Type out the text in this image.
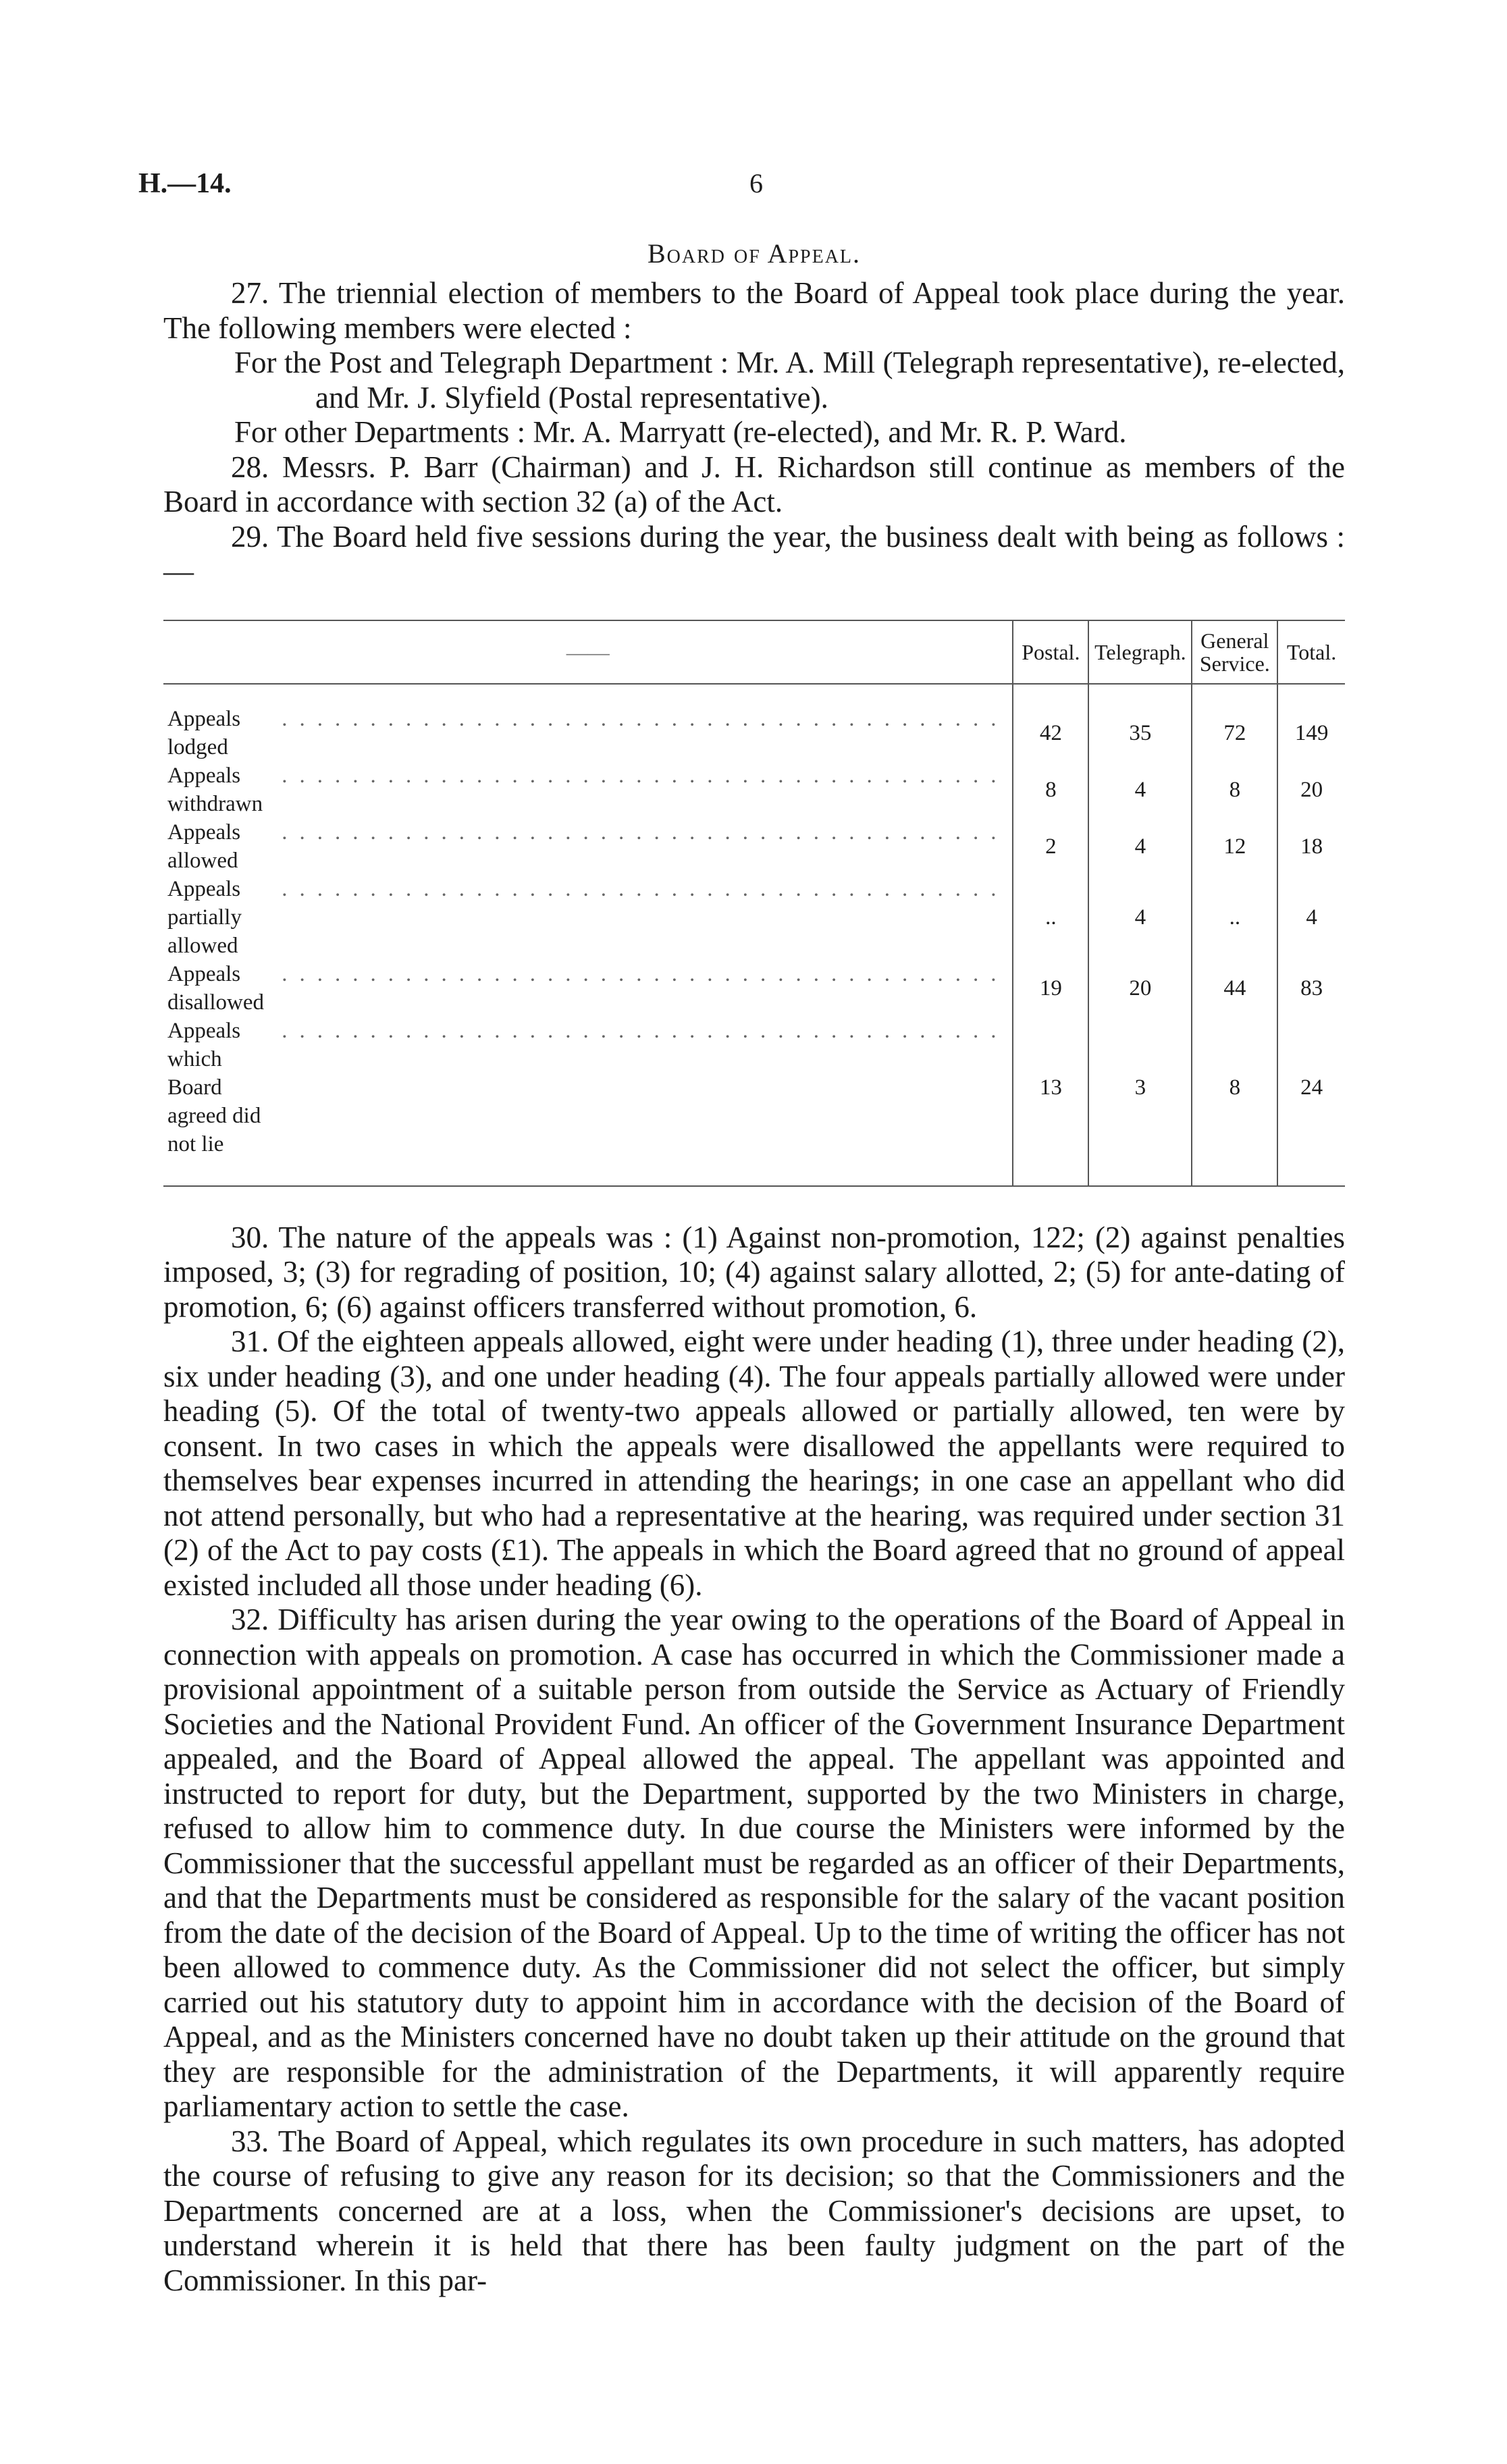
H.—14.	6
Board of Appeal.

27. The triennial election of members to the Board of Appeal took place during the year. The following members were elected :

For the Post and Telegraph Department : Mr. A. Mill (Telegraph representative), re-elected, and Mr. J. Slyfield (Postal representative).

For other Departments : Mr. A. Marryatt (re-elected), and Mr. R. P. Ward.

28. Messrs. P. Barr (Chairman) and J. H. Richardson still continue as members of the Board in accordance with section 32 (a) of the Act.

29. The Board held five sessions during the year, the business dealt with being as follows :—

——	Postal.	Telegraph.	General Service.	Total.

Appeals lodged
.........................................	42	35	72	149

Appeals withdrawn
.........................................	8	4	8	20

Appeals allowed
.........................................	2	4	12	18

Appeals partially allowed
.........................................	..	4	..	4

Appeals disallowed
.........................................	19	20	44	83

Appeals which Board agreed did not lie
.........................................	13	3	8	24

30. The nature of the appeals was : (1) Against non-promotion, 122; (2) against penalties imposed, 3; (3) for regrading of position, 10; (4) against salary allotted, 2; (5) for ante-dating of promotion, 6; (6) against officers transferred without promotion, 6.

31. Of the eighteen appeals allowed, eight were under heading (1), three under heading (2), six under heading (3), and one under heading (4). The four appeals partially allowed were under heading (5). Of the total of twenty-two appeals allowed or partially allowed, ten were by consent. In two cases in which the appeals were disallowed the appellants were required to themselves bear expenses incurred in attending the hearings; in one case an appellant who did not attend personally, but who had a representative at the hearing, was required under section 31 (2) of the Act to pay costs (£1). The appeals in which the Board agreed that no ground of appeal existed included all those under heading (6).

32. Difficulty has arisen during the year owing to the operations of the Board of Appeal in connection with appeals on promotion. A case has occurred in which the Commissioner made a provisional appointment of a suitable person from outside the Service as Actuary of Friendly Societies and the National Provident Fund. An officer of the Government Insurance Department appealed, and the Board of Appeal allowed the appeal. The appellant was appointed and instructed to report for duty, but the Department, supported by the two Ministers in charge, refused to allow him to commence duty. In due course the Ministers were informed by the Commissioner that the successful appellant must be regarded as an officer of their Departments, and that the Departments must be considered as responsible for the salary of the vacant position from the date of the decision of the Board of Appeal. Up to the time of writing the officer has not been allowed to commence duty. As the Commissioner did not select the officer, but simply carried out his statutory duty to appoint him in accordance with the decision of the Board of Appeal, and as the Ministers concerned have no doubt taken up their attitude on the ground that they are responsible for the administration of the Departments, it will apparently require parliamentary action to settle the case.

33. The Board of Appeal, which regulates its own procedure in such matters, has adopted the course of refusing to give any reason for its decision; so that the Commissioners and the Departments concerned are at a loss, when the Commissioner's decisions are upset, to understand wherein it is held that there has been faulty judgment on the part of the Commissioner. In this par-
